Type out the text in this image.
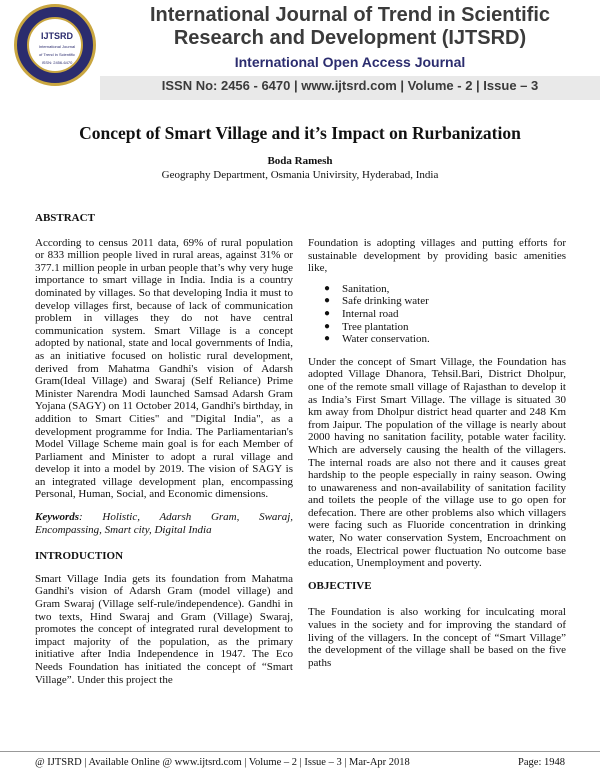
IJTSRD
International Journal
of Trend in Scientific
ISSN: 2456-6470
International Journal of Trend in Scientific
Research and Development (IJTSRD)
International Open Access Journal
ISSN No: 2456 - 6470 | www.ijtsrd.com | Volume - 2 | Issue – 3
Concept of Smart Village and it’s Impact on Rurbanization
Boda Ramesh
Geography Department, Osmania Univirsity, Hyderabad, India
ABSTRACT
According to census 2011 data, 69% of rural population or 833 million people lived in rural areas, against 31% or 377.1 million people in urban people that’s why very huge importance to smart village in India. India is a country dominated by villages. So that developing India it must to develop villages first, because of lack of communication problem in villages they do not have central communication system. Smart Village is a concept adopted by national, state and local governments of India, as an initiative focused on holistic rural development, derived from Mahatma Gandhi's vision of Adarsh Gram(Ideal Village) and Swaraj (Self Reliance) Prime Minister Narendra Modi launched Samsad Adarsh Gram Yojana (SAGY) on 11 October 2014, Gandhi's birthday, in addition to Smart Cities" and "Digital India", as a development programme for India. The Parliamentarian's Model Village Scheme main goal is for each Member of Parliament and Minister to adopt a rural village and develop it into a model by 2019. The vision of SAGY is an integrated village development plan, encompassing Personal, Human, Social, and Economic dimensions.
Keywords: Holistic, Adarsh Gram, Swaraj, Encompassing, Smart city, Digital India
INTRODUCTION
Smart Village India gets its foundation from Mahatma Gandhi's vision of Adarsh Gram (model village) and Gram Swaraj (Village self-rule/independence). Gandhi in two texts, Hind Swaraj and Gram (Village) Swaraj, promotes the concept of integrated rural development to impact majority of the population, as the primary initiative after India Independence in 1947. The Eco Needs Foundation has initiated the concept of “Smart Village”. Under this project the
Foundation is adopting villages and putting efforts for sustainable development by providing basic amenities like,
● Sanitation,
● Safe drinking water
● Internal road
● Tree plantation
● Water conservation.
Under the concept of Smart Village, the Foundation has adopted Village Dhanora, Tehsil.Bari, District Dholpur, one of the remote small village of Rajasthan to develop it as India’s First Smart Village. The village is situated 30 km away from Dholpur district head quarter and 248 Km from Jaipur. The population of the village is nearly about 2000 having no sanitation facility, potable water facility. Which are adversely causing the health of the villagers. The internal roads are also not there and it causes great hardship to the people especially in rainy season. Owing to unawareness and non-availability of sanitation facility and toilets the people of the village use to go open for defecation. There are other problems also which villagers were facing such as Fluoride concentration in drinking water, No water conservation System, Encroachment on the roads, Electrical power fluctuation No outcome base education, Unemployment and poverty.
OBJECTIVE
The Foundation is also working for inculcating moral values in the society and for improving the standard of living of the villagers. In the concept of “Smart Village” the development of the village shall be based on the five paths
@ IJTSRD | Available Online @ www.ijtsrd.com | Volume – 2 | Issue – 3 | Mar-Apr 2018	Page: 1948
